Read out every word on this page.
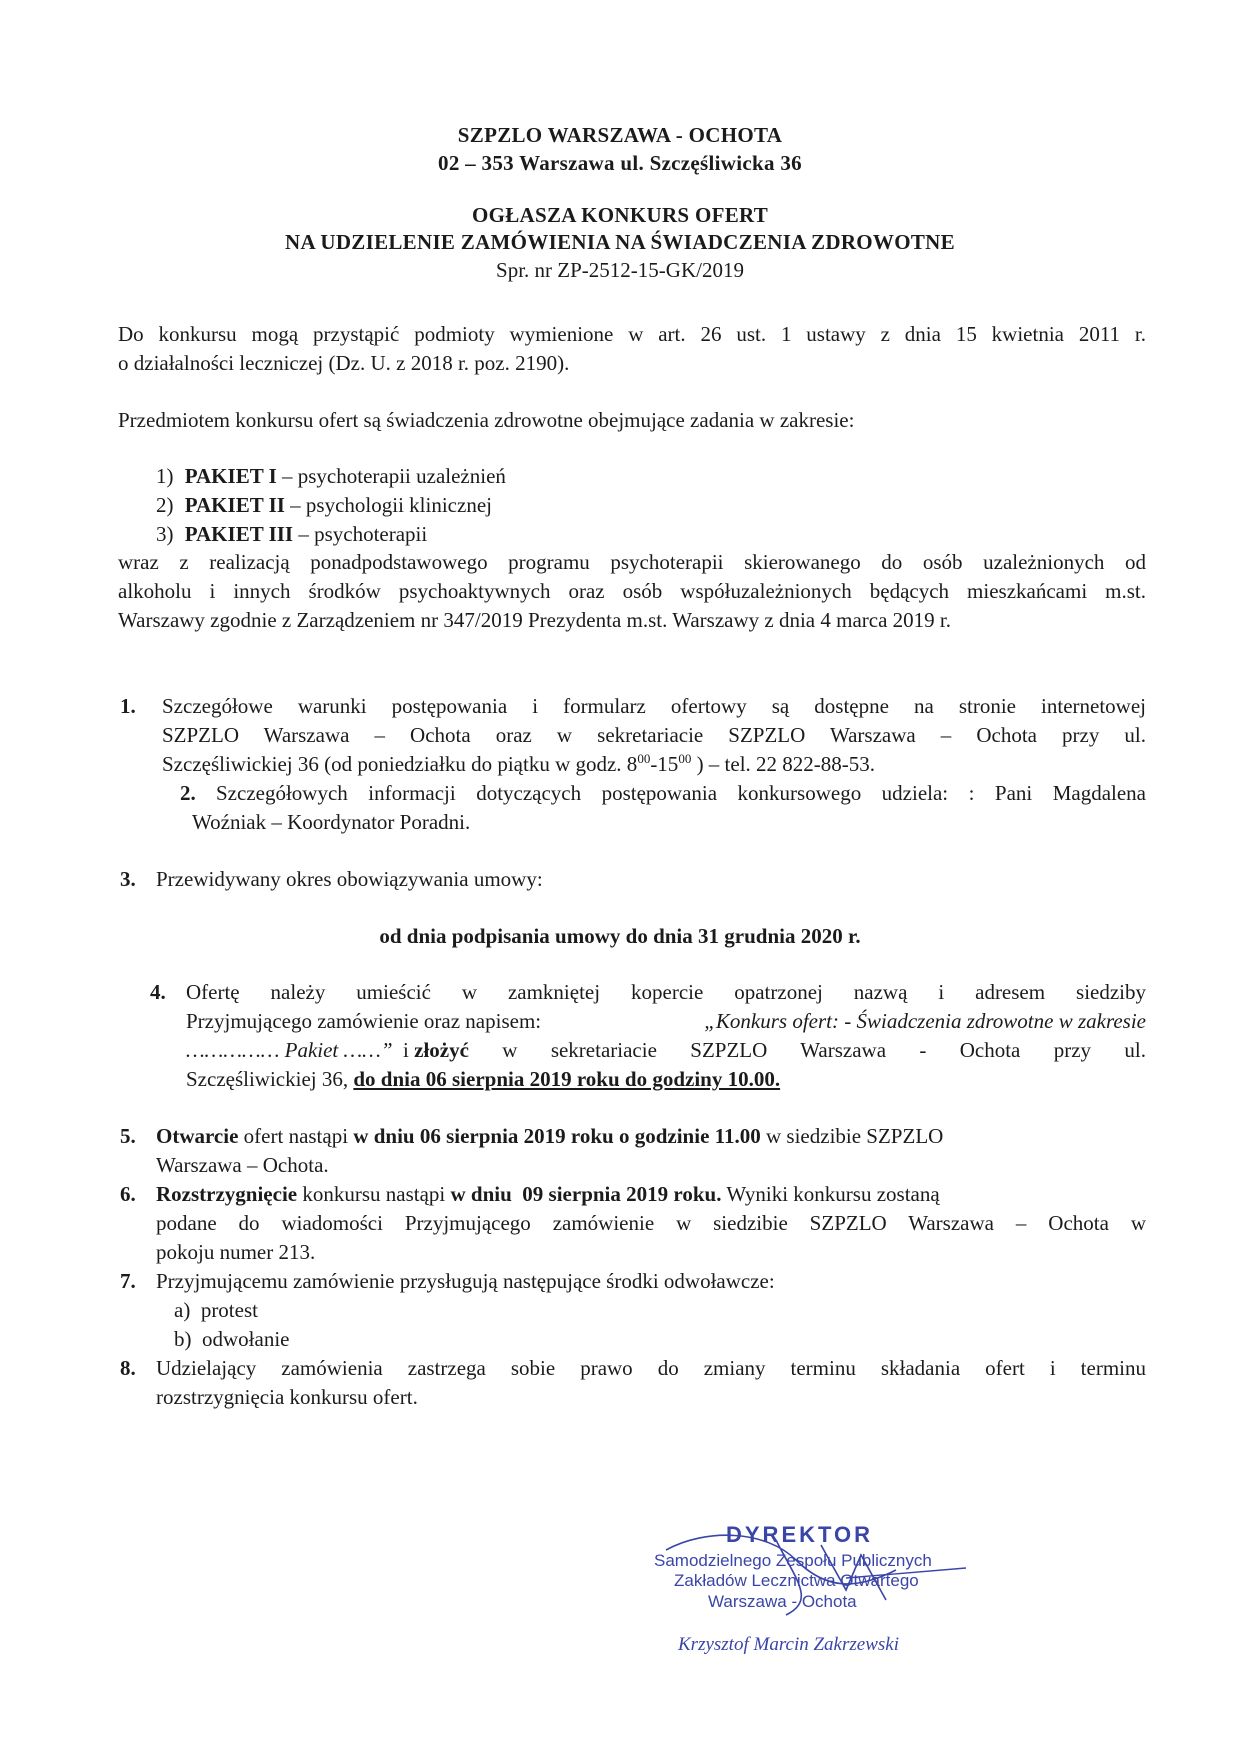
SZPZLO WARSZAWA - OCHOTA
02 – 353 Warszawa ul. Szczęśliwicka 36
OGŁASZA KONKURS OFERT
NA UDZIELENIE ZAMÓWIENIA NA ŚWIADCZENIA ZDROWOTNE
Spr. nr ZP-2512-15-GK/2019
Do konkursu mogą przystąpić podmioty wymienione w art. 26 ust. 1 ustawy z dnia 15 kwietnia 2011 r.
o działalności leczniczej (Dz. U. z 2018 r. poz. 2190).
Przedmiotem konkursu ofert są świadczenia zdrowotne obejmujące zadania w zakresie:
1) PAKIET I – psychoterapii uzależnień
2) PAKIET II – psychologii klinicznej
3) PAKIET III – psychoterapii
wraz z realizacją ponadpodstawowego programu psychoterapii skierowanego do osób uzależnionych od
alkoholu i innych środków psychoaktywnych oraz osób współuzależnionych będących mieszkańcami m.st.
Warszawy zgodnie z Zarządzeniem nr 347/2019 Prezydenta m.st. Warszawy z dnia 4 marca 2019 r.
1. Szczegółowe warunki postępowania i formularz ofertowy są dostępne na stronie internetowej
SZPZLO Warszawa – Ochota oraz w sekretariacie SZPZLO Warszawa – Ochota przy ul.
Szczęśliwickiej 36 (od poniedziałku do piątku w godz. $8^{00}-15^{00}$ ) – tel. 22 822-88-53.
2. Szczegółowych informacji dotyczących postępowania konkursowego udziela: : Pani Magdalena
Woźniak – Koordynator Poradni.
3. Przewidywany okres obowiązywania umowy:
od dnia podpisania umowy do dnia 31 grudnia 2020 r.
4. Ofertę należy umieścić w zamkniętej kopercie opatrzonej nazwą i adresem siedziby
Przyjmującego zamówienie oraz napisem:	„Konkurs ofert: - Świadczenia zdrowotne w zakresie
…………… Pakiet ……” i złożyć w sekretariacie SZPZLO Warszawa - Ochota przy ul.
Szczęśliwickiej 36, do dnia 06 sierpnia 2019 roku do godziny 10.00.
5. Otwarcie ofert nastąpi w dniu 06 sierpnia 2019 roku o godzinie 11.00 w siedzibie SZPZLO
Warszawa – Ochota.
6. Rozstrzygnięcie konkursu nastąpi w dniu  09 sierpnia 2019 roku. Wyniki konkursu zostaną
podane do wiadomości Przyjmującego zamówienie w siedzibie SZPZLO Warszawa – Ochota w
pokoju numer 213.
7. Przyjmującemu zamówienie przysługują następujące środki odwoławcze:
a)  protest
b)  odwołanie
8. Udzielający zamówienia zastrzega sobie prawo do zmiany terminu składania ofert i terminu
rozstrzygnięcia konkursu ofert.
DYREKTOR
Samodzielnego Zespołu Publicznych
Zakładów Lecznictwa Otwartego
Warszawa - Ochota
Krzysztof Marcin Zakrzewski
